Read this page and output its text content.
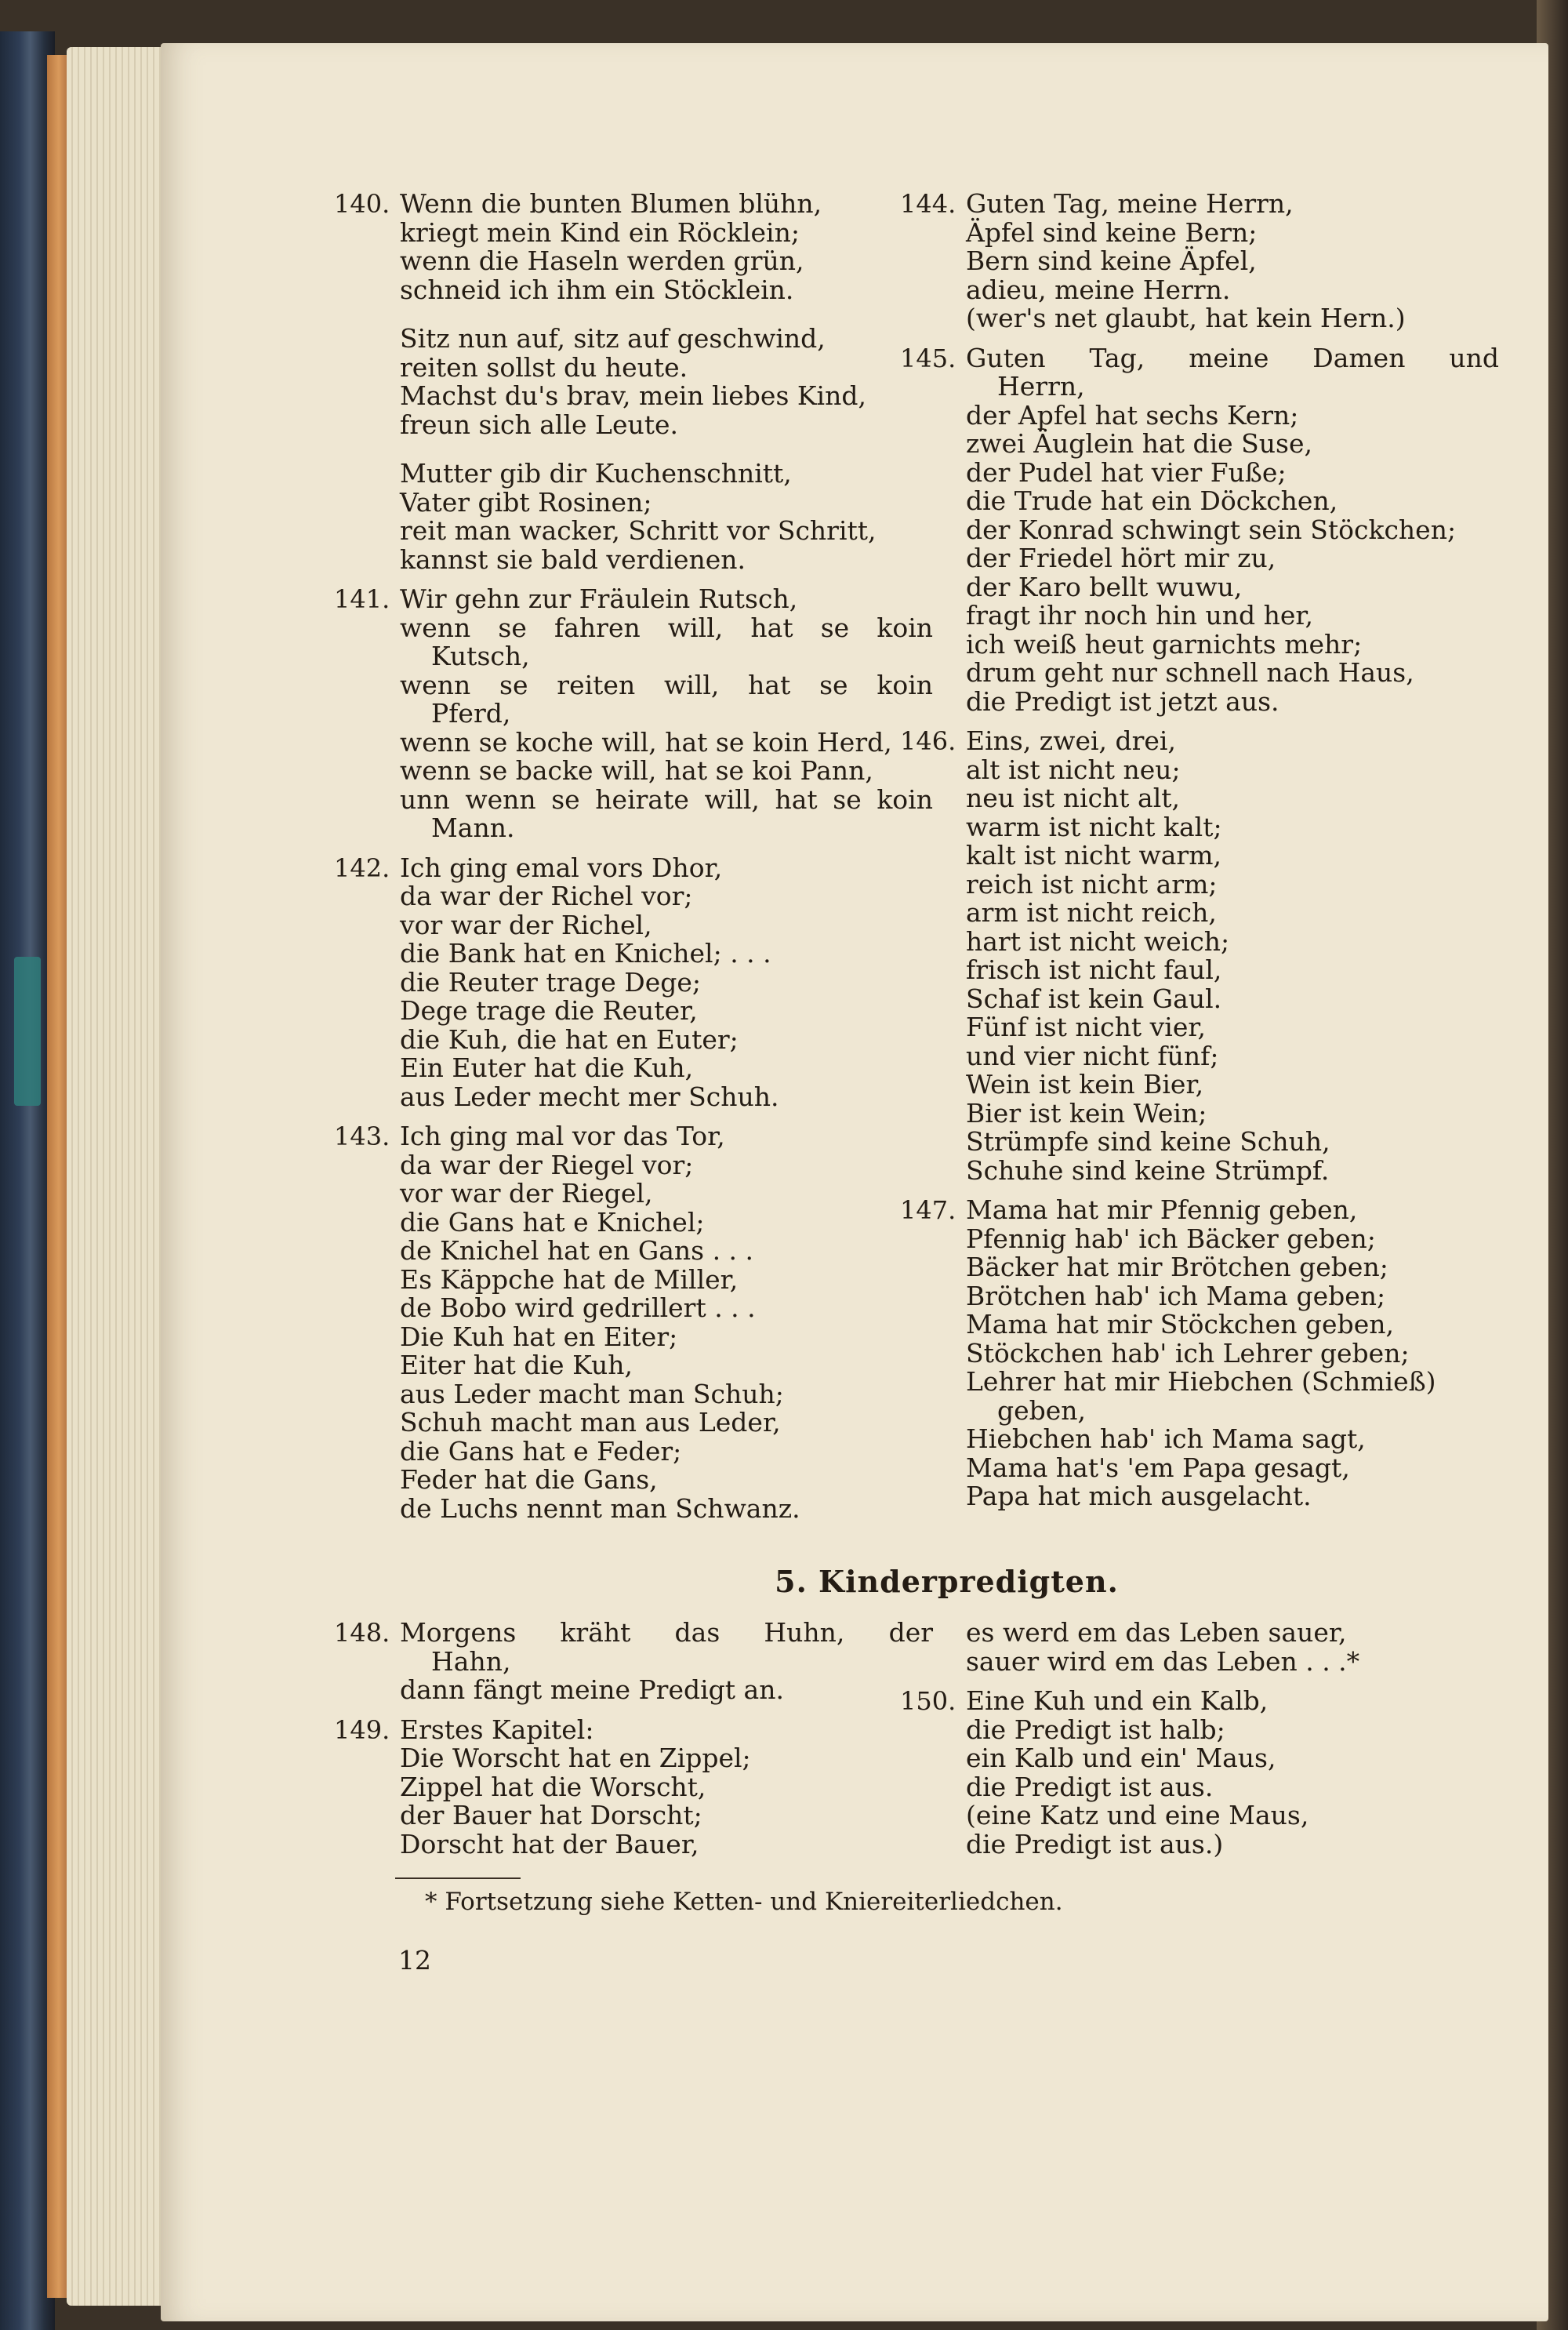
140. Wenn die bunten Blumen blühn,
kriegt mein Kind ein Röcklein;
wenn die Haseln werden grün,
schneid ich ihm ein Stöcklein.
Sitz nun auf, sitz auf geschwind,
reiten sollst du heute.
Machst du's brav, mein liebes Kind,
freun sich alle Leute.
Mutter gib dir Kuchenschnitt,
Vater gibt Rosinen;
reit man wacker, Schritt vor Schritt,
kannst sie bald verdienen.
141. Wir gehn zur Fräulein Rutsch,
wenn se fahren will, hat se koin
Kutsch,
wenn se reiten will, hat se koin
Pferd,
wenn se koche will, hat se koin Herd,
wenn se backe will, hat se koi Pann,
unn wenn se heirate will, hat se koin
Mann.
142. Ich ging emal vors Dhor,
da war der Richel vor;
vor war der Richel,
die Bank hat en Knichel; . . .
die Reuter trage Dege;
Dege trage die Reuter,
die Kuh, die hat en Euter;
Ein Euter hat die Kuh,
aus Leder mecht mer Schuh.
143. Ich ging mal vor das Tor,
da war der Riegel vor;
vor war der Riegel,
die Gans hat e Knichel;
de Knichel hat en Gans . . .
Es Käppche hat de Miller,
de Bobo wird gedrillert . . .
Die Kuh hat en Eiter;
Eiter hat die Kuh,
aus Leder macht man Schuh;
Schuh macht man aus Leder,
die Gans hat e Feder;
Feder hat die Gans,
de Luchs nennt man Schwanz.
144. Guten Tag, meine Herrn,
Äpfel sind keine Bern;
Bern sind keine Äpfel,
adieu, meine Herrn.
(wer's net glaubt, hat kein Hern.)
145. Guten Tag, meine Damen und
Herrn,
der Apfel hat sechs Kern;
zwei Äuglein hat die Suse,
der Pudel hat vier Fuße;
die Trude hat ein Döckchen,
der Konrad schwingt sein Stöckchen;
der Friedel hört mir zu,
der Karo bellt wuwu,
fragt ihr noch hin und her,
ich weiß heut garnichts mehr;
drum geht nur schnell nach Haus,
die Predigt ist jetzt aus.
146. Eins, zwei, drei,
alt ist nicht neu;
neu ist nicht alt,
warm ist nicht kalt;
kalt ist nicht warm,
reich ist nicht arm;
arm ist nicht reich,
hart ist nicht weich;
frisch ist nicht faul,
Schaf ist kein Gaul.
Fünf ist nicht vier,
und vier nicht fünf;
Wein ist kein Bier,
Bier ist kein Wein;
Strümpfe sind keine Schuh,
Schuhe sind keine Strümpf.
147. Mama hat mir Pfennig geben,
Pfennig hab' ich Bäcker geben;
Bäcker hat mir Brötchen geben;
Brötchen hab' ich Mama geben;
Mama hat mir Stöckchen geben,
Stöckchen hab' ich Lehrer geben;
Lehrer hat mir Hiebchen (Schmieß)
geben,
Hiebchen hab' ich Mama sagt,
Mama hat's 'em Papa gesagt,
Papa hat mich ausgelacht.
5. Kinderpredigten.
148. Morgens kräht das Huhn, der
Hahn,
dann fängt meine Predigt an.
149. Erstes Kapitel:
Die Worscht hat en Zippel;
Zippel hat die Worscht,
der Bauer hat Dorscht;
Dorscht hat der Bauer,
es werd em das Leben sauer,
sauer wird em das Leben . . .*
150. Eine Kuh und ein Kalb,
die Predigt ist halb;
ein Kalb und ein' Maus,
die Predigt ist aus.
(eine Katz und eine Maus,
die Predigt ist aus.)
* Fortsetzung siehe Ketten- und Kniereiterliedchen.
12
